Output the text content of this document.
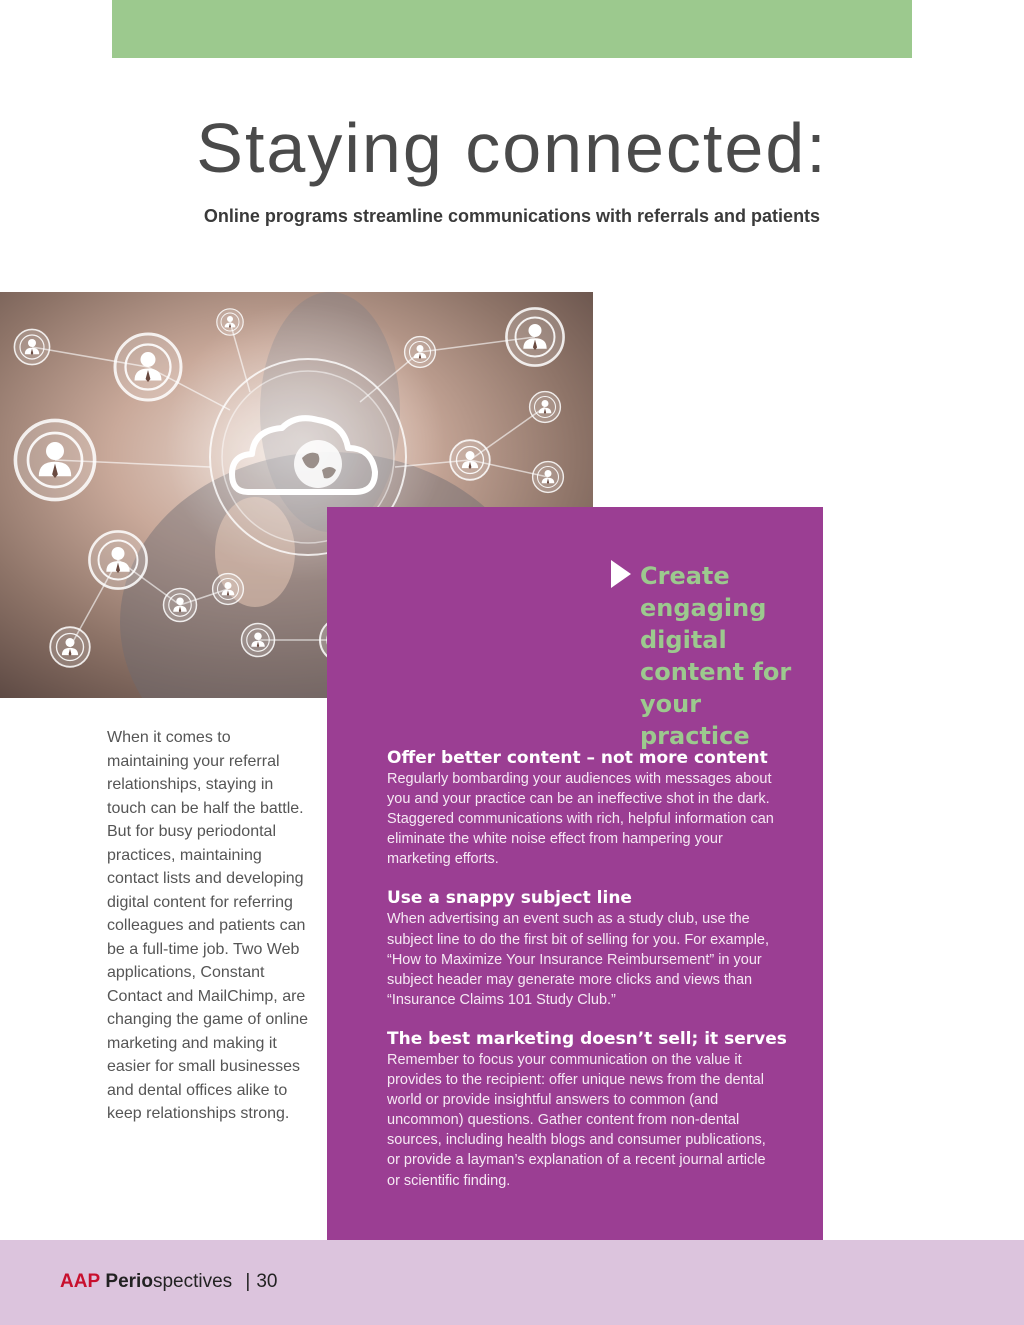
Staying connected:
Online programs streamline communications with referrals and patients

Create engaging digital content for your practice

When it comes to maintaining your referral relationships, staying in touch can be half the battle. But for busy periodontal practices, maintaining contact lists and developing digital content for referring colleagues and patients can be a full-time job. Two Web applications, Constant Contact and MailChimp, are changing the game of online marketing and making it easier for small businesses and dental offices alike to keep relationships strong.

Offer better content – not more content

Regularly bombarding your audiences with messages about you and your practice can be an ineffective shot in the dark. Staggered communications with rich, helpful information can eliminate the white noise effect from hampering your marketing efforts.

Use a snappy subject line

When advertising an event such as a study club, use the subject line to do the first bit of selling for you. For example, “How to Maximize Your Insurance Reimbursement” in your subject header may generate more clicks and views than “Insurance Claims 101 Study Club.”

The best marketing doesn’t sell; it serves

Remember to focus your communication on the value it provides to the recipient: offer unique news from the dental world or provide insightful answers to common (and uncommon) questions. Gather content from non-dental sources, including health blogs and consumer publications, or provide a layman’s explanation of a recent journal article or scientific finding.

AAP Periospectives | 30
